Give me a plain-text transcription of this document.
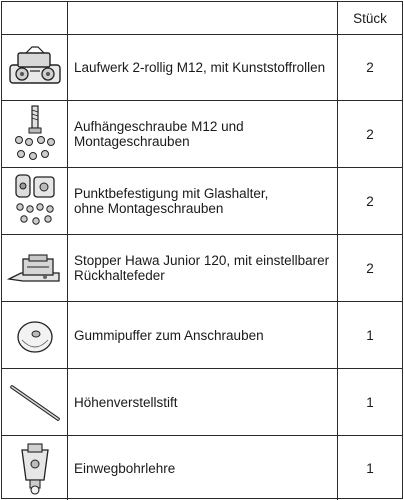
Stück
Laufwerk 2-rollig M12, mit Kunststoffrollen	2
Aufhängeschraube M12 und
Montageschrauben	2
Punktbefestigung mit Glashalter,
ohne Montageschrauben	2
Stopper Hawa Junior 120, mit einstellbarer
Rückhaltefeder	2
Gummipuffer zum Anschrauben	1
Höhenverstellstift	1
Einwegbohrlehre	1
